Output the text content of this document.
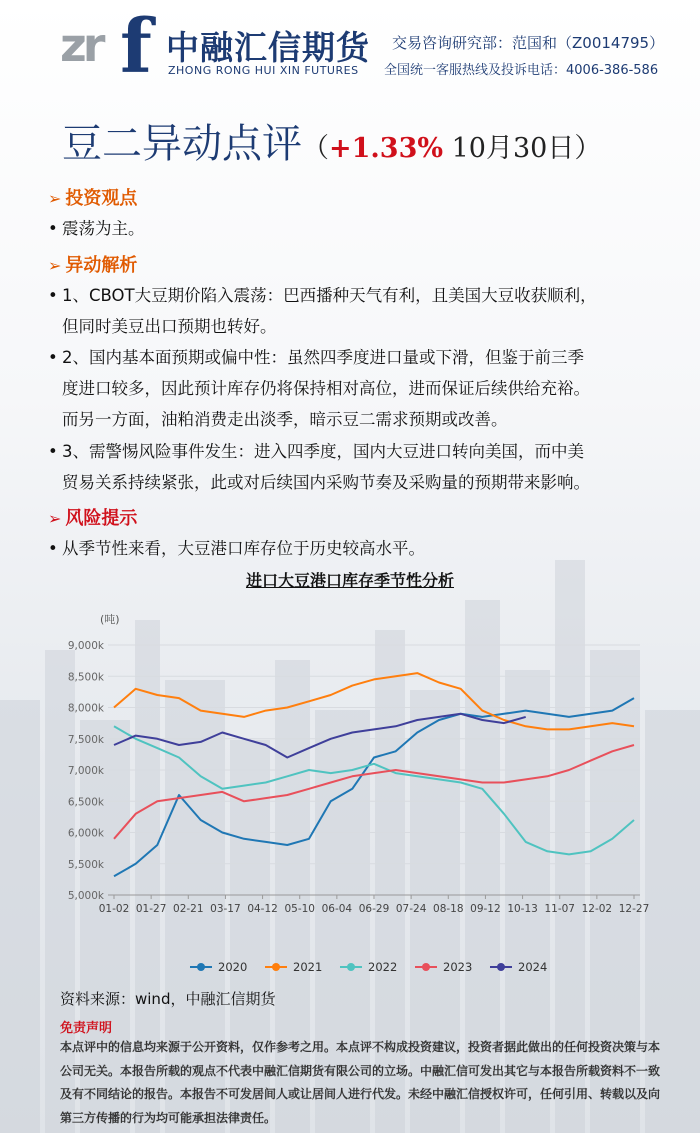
zr f 中融汇信期货
ZHONG RONG HUI XIN FUTURES
交易咨询研究部：范国和（Z0014795）
全国统一客服热线及投诉电话：4006-386-586
豆二异动点评（+1.33% 10月30日）
➢ 投资观点
• 震荡为主。
➢ 异动解析
• 1、CBOT大豆期价陷入震荡：巴西播种天气有利，且美国大豆收获顺利，
但同时美豆出口预期也转好。
• 2、国内基本面预期或偏中性：虽然四季度进口量或下滑，但鉴于前三季
度进口较多，因此预计库存仍将保持相对高位，进而保证后续供给充裕。
而另一方面，油粕消费走出淡季，暗示豆二需求预期或改善。
• 3、需警惕风险事件发生：进入四季度，国内大豆进口转向美国，而中美
贸易关系持续紧张，此或对后续国内采购节奏及采购量的预期带来影响。
➢ 风险提示
• 从季节性来看，大豆港口库存位于历史较高水平。
进口大豆港口库存季节性分析
(吨)
5,000k
5,500k
6,000k
6,500k
7,000k
7,500k
8,000k
8,500k
9,000k
01-02 01-27 02-21 03-17 04-12 05-10 06-04 06-29 07-24 08-18 09-12 10-13 11-07 12-02 12-27
2020	2021	2022	2023	2024
资料来源：wind，中融汇信期货
免责声明
本点评中的信息均来源于公开资料，仅作参考之用。本点评不构成投资建议，投资者据此做出的任何投资决策与本公司无关。本报告所载的观点不代表中融汇信期货有限公司的立场。中融汇信可发出其它与本报告所载资料不一致及有不同结论的报告。本报告不可发居间人或让居间人进行代发。未经中融汇信授权许可，任何引用、转载以及向第三方传播的行为均可能承担法律责任。
